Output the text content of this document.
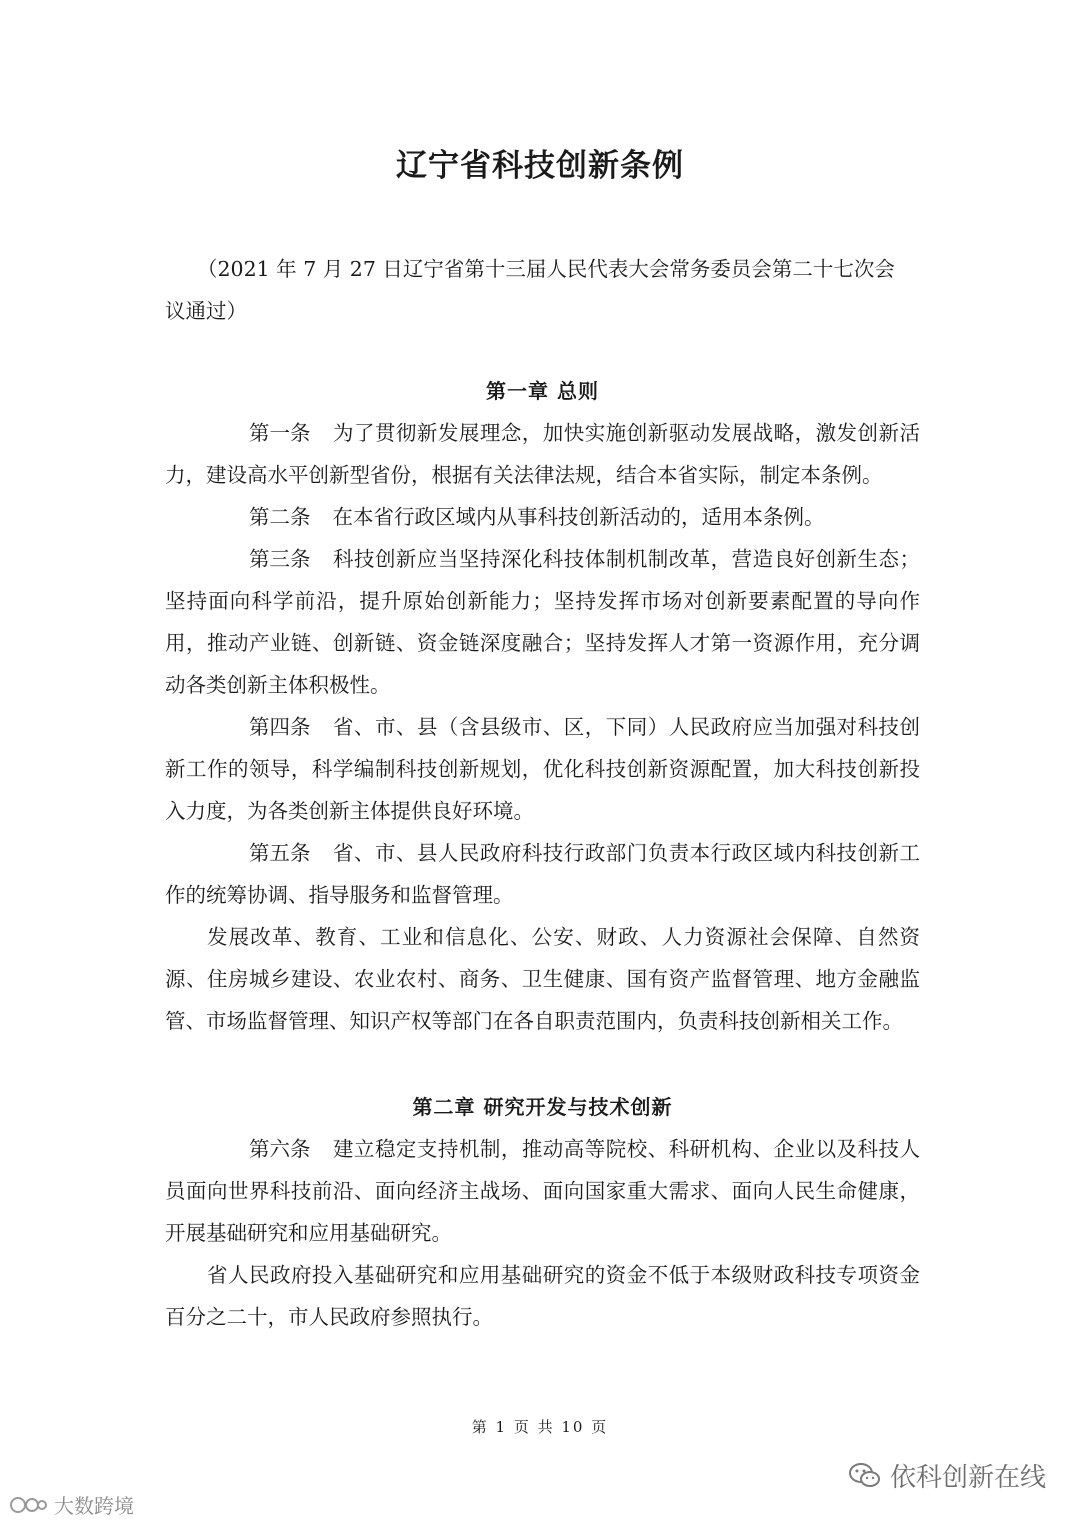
辽宁省科技创新条例

（2021 年 7 月 27 日辽宁省第十三届人民代表大会常务委员会第二十七次会

议通过）

第一章 总则

第一条 为了贯彻新发展理念，加快实施创新驱动发展战略，激发创新活力，建设高水平创新型省份，根据有关法律法规，结合本省实际，制定本条例。

第二条 在本省行政区域内从事科技创新活动的，适用本条例。

第三条 科技创新应当坚持深化科技体制机制改革，营造良好创新生态；坚持面向科学前沿，提升原始创新能力；坚持发挥市场对创新要素配置的导向作用，推动产业链、创新链、资金链深度融合；坚持发挥人才第一资源作用，充分调动各类创新主体积极性。

第四条 省、市、县（含县级市、区，下同）人民政府应当加强对科技创新工作的领导，科学编制科技创新规划，优化科技创新资源配置，加大科技创新投入力度，为各类创新主体提供良好环境。

第五条 省、市、县人民政府科技行政部门负责本行政区域内科技创新工作的统筹协调、指导服务和监督管理。

发展改革、教育、工业和信息化、公安、财政、人力资源社会保障、自然资源、住房城乡建设、农业农村、商务、卫生健康、国有资产监督管理、地方金融监管、市场监督管理、知识产权等部门在各自职责范围内，负责科技创新相关工作。

第二章 研究开发与技术创新

第六条 建立稳定支持机制，推动高等院校、科研机构、企业以及科技人员面向世界科技前沿、面向经济主战场、面向国家重大需求、面向人民生命健康，开展基础研究和应用基础研究。

省人民政府投入基础研究和应用基础研究的资金不低于本级财政科技专项资金百分之二十，市人民政府参照执行。

第 1 页 共 10 页
大数跨境
依科创新在线
